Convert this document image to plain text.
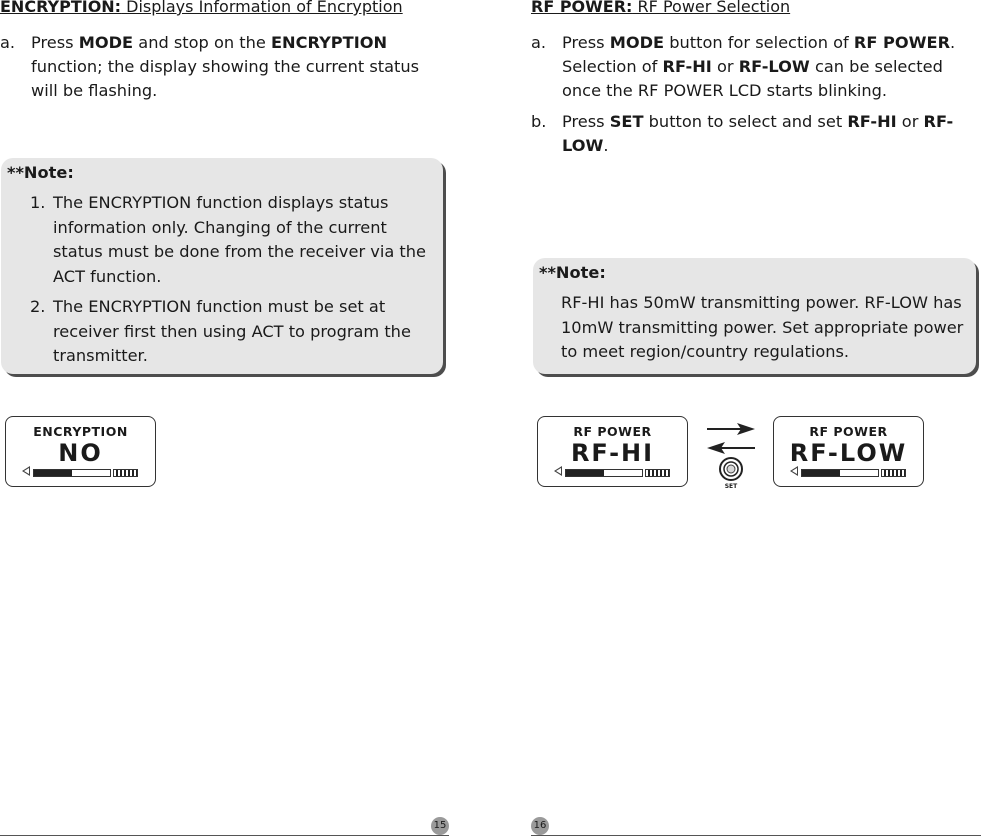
ENCRYPTION: Displays Information of Encryption
a. Press MODE and stop on the ENCRYPTION function; the display showing the current status will be flashing.
**Note:
1. The ENCRYPTION function displays status information only. Changing of the current status must be done from the receiver via the ACT function.
2. The ENCRYPTION function must be set at receiver first then using ACT to program the transmitter.
ENCRYPTION
NO
15
RF POWER: RF Power Selection
a. Press MODE button for selection of RF POWER. Selection of RF-HI or RF-LOW can be selected once the RF POWER LCD starts blinking.
b. Press SET button to select and set RF-HI or RF-LOW.
**Note:
RF-HI has 50mW transmitting power. RF-LOW has 10mW transmitting power. Set appropriate power to meet region/country regulations.
RF POWER
RF-HI
SET
RF POWER
RF-LOW
16
